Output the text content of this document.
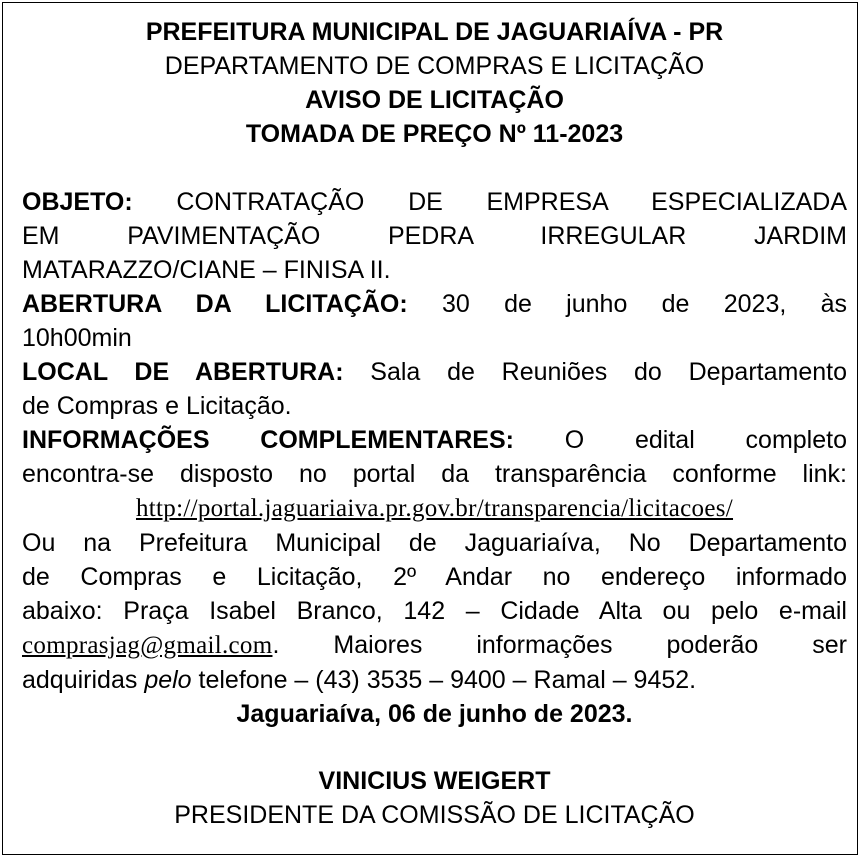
PREFEITURA MUNICIPAL DE JAGUARIAÍVA - PR

DEPARTAMENTO DE COMPRAS E LICITAÇÃO

AVISO DE LICITAÇÃO

TOMADA DE PREÇO Nº 11-2023

OBJETO: CONTRATAÇÃO DE EMPRESA ESPECIALIZADA

EM PAVIMENTAÇÃO PEDRA IRREGULAR JARDIM

MATARAZZO/CIANE – FINISA II.

ABERTURA DA LICITAÇÃO: 30 de junho de 2023, às

10h00min

LOCAL DE ABERTURA: Sala de Reuniões do Departamento

de Compras e Licitação.

INFORMAÇÕES COMPLEMENTARES: O edital completo

encontra-se disposto no portal da transparência conforme link:

http://portal.jaguariaiva.pr.gov.br/transparencia/licitacoes/

Ou na Prefeitura Municipal de Jaguariaíva, No Departamento

de Compras e Licitação, 2º Andar no endereço informado

abaixo: Praça Isabel Branco, 142 – Cidade Alta ou pelo e-mail

comprasjag@gmail.com. Maiores informações poderão ser

adquiridas pelo telefone – (43) 3535 – 9400 – Ramal – 9452.

Jaguariaíva, 06 de junho de 2023.

VINICIUS WEIGERT

PRESIDENTE DA COMISSÃO DE LICITAÇÃO
